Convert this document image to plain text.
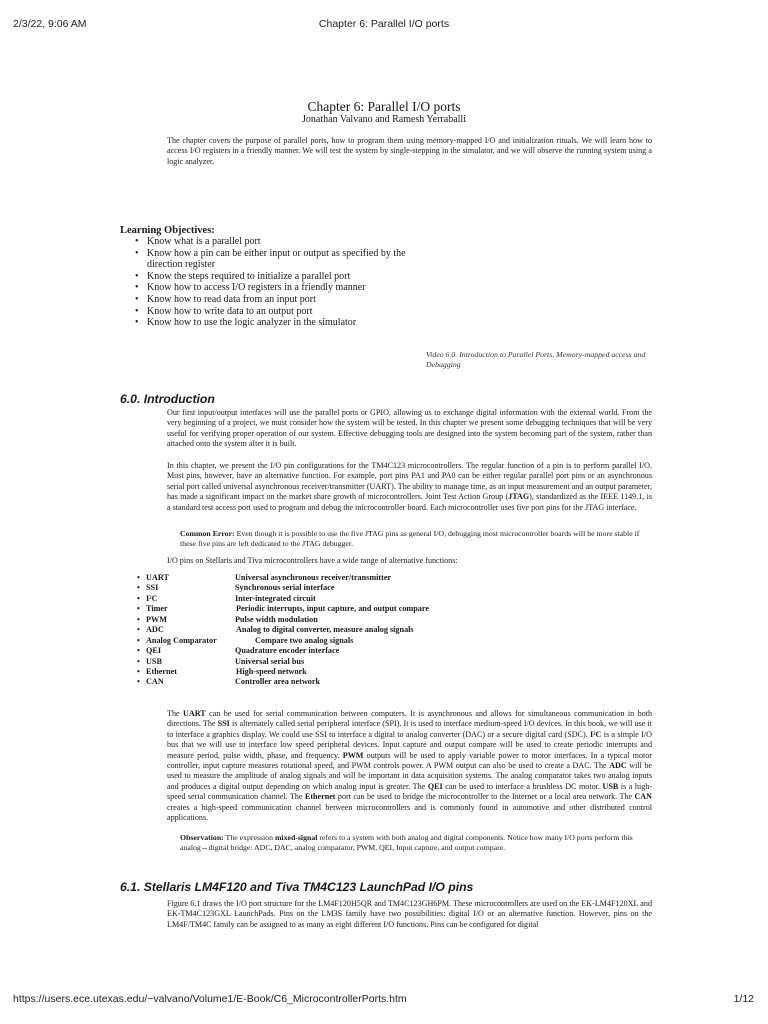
2/3/22, 9:06 AM	Chapter 6: Parallel I/O ports
Chapter 6: Parallel I/O ports
Jonathan Valvano and Ramesh Yerraballi

The chapter covers the purpose of parallel ports, how to program them using memory-mapped I/O and initialization rituals. We will learn how to access I/O registers in a friendly manner. We will test the system by single-stepping in the simulator, and we will observe the running system using a logic analyzer.

Learning Objectives:
• Know what is a parallel port
• Know how a pin can be either input or output as specified by the direction register
• Know the steps required to initialize a parallel port
• Know how to access I/O registers in a friendly manner
• Know how to read data from an input port
• Know how to write data to an output port
• Know how to use the logic analyzer in the simulator
Video 6.0. Introduction to Parallel Ports, Memory-mapped access and Debugging
6.0. Introduction

Our first input/output interfaces will use the parallel ports or GPIO, allowing us to exchange digital information with the external world. From the very beginning of a project, we must consider how the system will be tested. In this chapter we present some debugging techniques that will be very useful for verifying proper operation of our system. Effective debugging tools are designed into the system becoming part of the system, rather than attached onto the system after it is built.

In this chapter, we present the I/O pin configurations for the TM4C123 microcontrollers. The regular function of a pin is to perform parallel I/O. Most pins, however, have an alternative function. For example, port pins PA1 and PA0 can be either regular parallel port pins or an asynchronous serial port called universal asynchronous receiver/transmitter (UART). The ability to manage time, as an input measurement and an output parameter, has made a significant impact on the market share growth of microcontrollers. Joint Test Action Group (JTAG), standardized as the IEEE 1149.1, is a standard test access port used to program and debug the microcontroller board. Each microcontroller uses five port pins for the JTAG interface.

Common Error: Even though it is possible to use the five JTAG pins as general I/O, debugging most microcontroller boards will be more stable if these five pins are left dedicated to the JTAG debugger.

I/O pins on Stellaris and Tiva microcontrollers have a wide range of alternative functions:

• UART	Universal asynchronous receiver/transmitter
• SSI	Synchronous serial interface
• I²C	Inter-integrated circuit
• Timer	Periodic interrupts, input capture, and output compare
• PWM	Pulse width modulation
• ADC	Analog to digital converter, measure analog signals
• Analog Comparator	Compare two analog signals
• QEI	Quadrature encoder interface
• USB	Universal serial bus
• Ethernet	High-speed network
• CAN	Controller area network

The UART can be used for serial communication between computers. It is asynchronous and allows for simultaneous communication in both directions. The SSI is alternately called serial peripheral interface (SPI). It is used to interface medium-speed I/O devices. In this book, we will use it to interface a graphics display. We could use SSI to interface a digital to analog converter (DAC) or a secure digital card (SDC). I²C is a simple I/O bus that we will use to interface low speed peripheral devices. Input capture and output compare will be used to create periodic interrupts and measure period, pulse width, phase, and frequency. PWM outputs will be used to apply variable power to motor interfaces. In a typical motor controller, input capture measures rotational speed, and PWM controls power. A PWM output can also be used to create a DAC. The ADC will be used to measure the amplitude of analog signals and will be important in data acquisition systems. The analog comparator takes two analog inputs and produces a digital output depending on which analog input is greater. The QEI can be used to interface a brushless DC motor. USB is a high-speed serial communication channel. The Ethernet port can be used to bridge the microcontroller to the Internet or a local area network. The CAN creates a high-speed communication channel between microcontrollers and is commonly found in automotive and other distributed control applications.

Observation: The expression mixed-signal refers to a system with both analog and digital components. Notice how many I/O ports perform this analog↔digital bridge: ADC, DAC, analog comparator, PWM, QEI, Input capture, and output compare.

6.1. Stellaris LM4F120 and Tiva TM4C123 LaunchPad I/O pins

Figure 6.1 draws the I/O port structure for the LM4F120H5QR and TM4C123GH6PM. These microcontrollers are used on the EK-LM4F120XL and EK-TM4C123GXL LaunchPads. Pins on the LM3S family have two possibilities: digital I/O or an alternative function. However, pins on the LM4F/TM4C family can be assigned to as many as eight different I/O functions. Pins can be configured for digital

https://users.ece.utexas.edu/~valvano/Volume1/E-Book/C6_MicrocontrollerPorts.htm	1/12
